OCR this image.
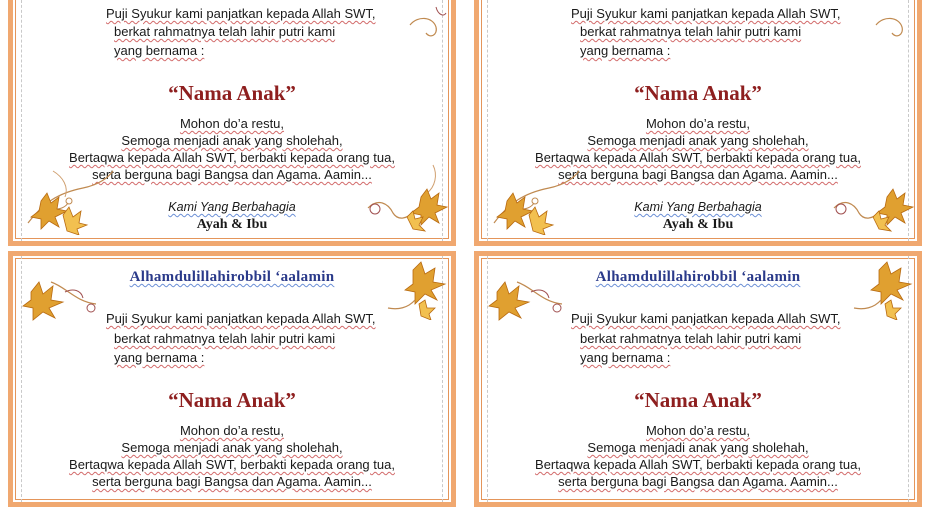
Puji Syukur kami panjatkan kepada Allah SWT,
berkat rahmatnya telah lahir putri kami
yang bernama :
“Nama Anak”
Mohon do’a restu,
Semoga menjadi anak yang sholehah,
Bertaqwa kepada Allah SWT, berbakti kepada orang tua,
serta berguna bagi Bangsa dan Agama. Aamin...
Kami Yang Berbahagia
Ayah & Ibu
Puji Syukur kami panjatkan kepada Allah SWT,
berkat rahmatnya telah lahir putri kami
yang bernama :
“Nama Anak”
Mohon do’a restu,
Semoga menjadi anak yang sholehah,
Bertaqwa kepada Allah SWT, berbakti kepada orang tua,
serta berguna bagi Bangsa dan Agama. Aamin...
Kami Yang Berbahagia
Ayah & Ibu
Alhamdulillahirobbil ‘aalamin
Puji Syukur kami panjatkan kepada Allah SWT,
berkat rahmatnya telah lahir putri kami
yang bernama :
“Nama Anak”
Mohon do’a restu,
Semoga menjadi anak yang sholehah,
Bertaqwa kepada Allah SWT, berbakti kepada orang tua,
serta berguna bagi Bangsa dan Agama. Aamin...
Alhamdulillahirobbil ‘aalamin
Puji Syukur kami panjatkan kepada Allah SWT,
berkat rahmatnya telah lahir putri kami
yang bernama :
“Nama Anak”
Mohon do’a restu,
Semoga menjadi anak yang sholehah,
Bertaqwa kepada Allah SWT, berbakti kepada orang tua,
serta berguna bagi Bangsa dan Agama. Aamin...
